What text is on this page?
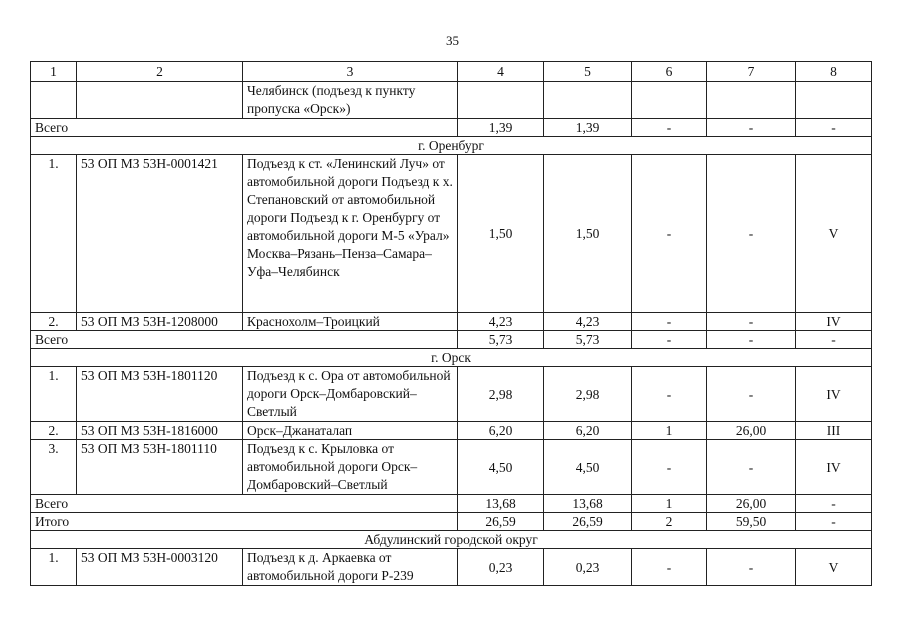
35
1	2	3	4	5	6	7	8
		Челябинск (подъезд к пункту пропуска «Орск»)					
Всего			1,39	1,39	-	-	-
г. Оренбург							
1.	53 ОП МЗ 53Н-0001421	Подъезд к ст. «Ленинский Луч» от автомобильной дороги Подъезд к х. Степановский от автомобильной дороги Подъезд к г. Оренбургу от автомобильной дороги М-5 «Урал» Москва–Рязань–Пенза–Самара–Уфа–Челябинск	1,50	1,50	-	-	V
2.	53 ОП МЗ 53Н-1208000	Краснохолм–Троицкий	4,23	4,23	-	-	IV
Всего			5,73	5,73	-	-	-
г. Орск							
1.	53 ОП МЗ 53Н-1801120	Подъезд к с. Ора от автомобильной дороги Орск–Домбаровский–Светлый	2,98	2,98	-	-	IV
2.	53 ОП МЗ 53Н-1816000	Орск–Джанаталап	6,20	6,20	1	26,00	III
3.	53 ОП МЗ 53Н-1801110	Подъезд к с. Крыловка от автомобильной дороги Орск–Домбаровский–Светлый	4,50	4,50	-	-	IV
Всего			13,68	13,68	1	26,00	-
Итого			26,59	26,59	2	59,50	-
Абдулинский городской округ							
1.	53 ОП МЗ 53Н-0003120	Подъезд к д. Аркаевка от автомобильной дороги Р-239	0,23	0,23	-	-	V
